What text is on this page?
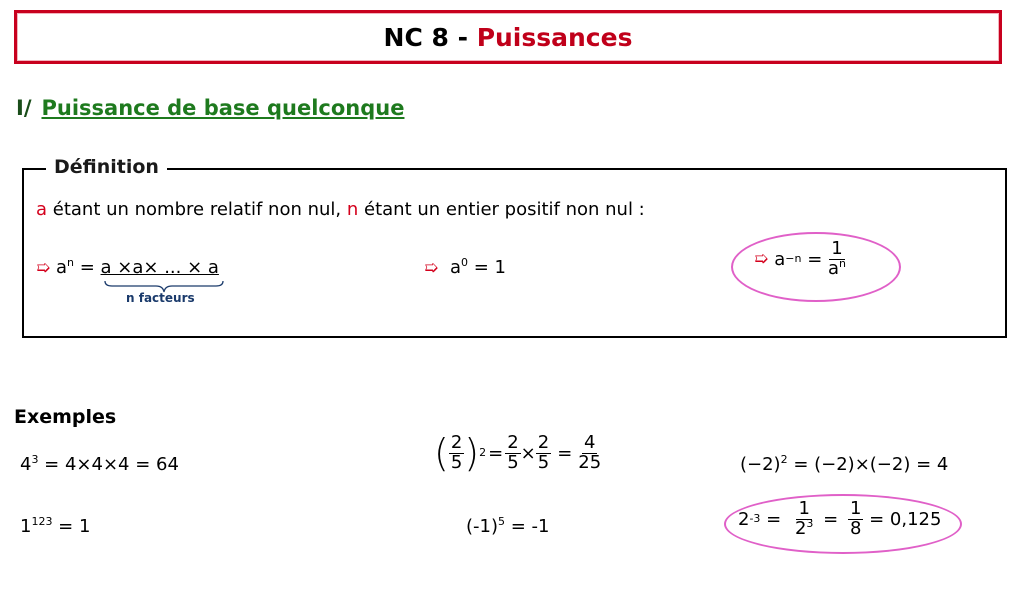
NC 8 - Puissances
I/ Puissance de base quelconque
Définition
a étant un nombre relatif non nul, n étant un entier positif non nul :
➯ $a^n = a \times a\times$ ... × a
n facteurs
➯ $a^0 = 1$	➯ $a -n = \frac{1}{a^n}$
Exemples
$4^3 = 4\times 4\times 4 = 64$	( $\frac{2}{5}$ ) $2 = \frac{2}{5} \times \frac{2}{5} = \frac{4}{25}$	$(-2)^2 = (-2)\times(-2) = 4$
$1^{123} = 1$	$(-1)^5 = -1$	2 $-3 = \frac{1}{2^3} = \frac{1}{8} = 0,125$
